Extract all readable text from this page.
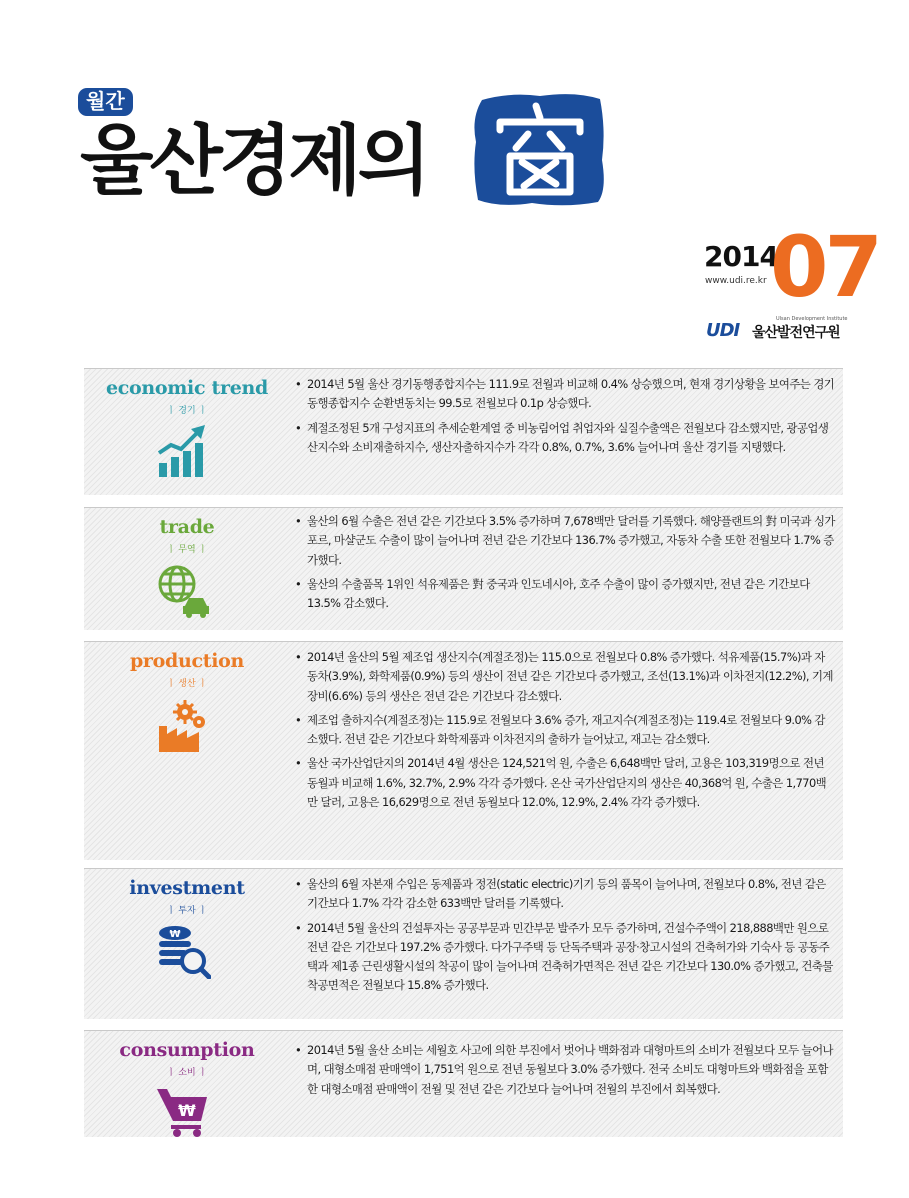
월간
울산경제의
2014
www.udi.re.kr 07
UDI
Ulsan Development Institute
울산발전연구원
economic trend
ㅣ 경기 ㅣ
• 2014년 5월 울산 경기동행종합지수는 111.9로 전월과 비교해 0.4% 상승했으며, 현재 경기상황을 보여주는 경기동행종합지수 순환변동치는 99.5로 전월보다 0.1p 상승했다.
• 계절조정된 5개 구성지표의 추세순환계열 중 비농림어업 취업자와 실질수출액은 전월보다 감소했지만, 광공업생산지수와 소비재출하지수, 생산자출하지수가 각각 0.8%, 0.7%, 3.6% 늘어나며 울산 경기를 지탱했다.
trade
ㅣ 무역 ㅣ
• 울산의 6월 수출은 전년 같은 기간보다 3.5% 증가하며 7,678백만 달러를 기록했다. 해양플랜트의 對 미국과 싱가포르, 마샬군도 수출이 많이 늘어나며 전년 같은 기간보다 136.7% 증가했고, 자동차 수출 또한 전월보다 1.7% 증가했다.
• 울산의 수출품목 1위인 석유제품은 對 중국과 인도네시아, 호주 수출이 많이 증가했지만, 전년 같은 기간보다 13.5% 감소했다.
production
ㅣ 생산 ㅣ
• 2014년 울산의 5월 제조업 생산지수(계절조정)는 115.0으로 전월보다 0.8% 증가했다. 석유제품(15.7%)과 자동차(3.9%), 화학제품(0.9%) 등의 생산이 전년 같은 기간보다 증가했고, 조선(13.1%)과 이차전지(12.2%), 기계장비(6.6%) 등의 생산은 전년 같은 기간보다 감소했다.
• 제조업 출하지수(계절조정)는 115.9로 전월보다 3.6% 증가, 재고지수(계절조정)는 119.4로 전월보다 9.0% 감소했다. 전년 같은 기간보다 화학제품과 이차전지의 출하가 늘어났고, 재고는 감소했다.
• 울산 국가산업단지의 2014년 4월 생산은 124,521억 원, 수출은 6,648백만 달러, 고용은 103,319명으로 전년 동월과 비교해 1.6%, 32.7%, 2.9% 각각 증가했다. 온산 국가산업단지의 생산은 40,368억 원, 수출은 1,770백만 달러, 고용은 16,629명으로 전년 동월보다 12.0%, 12.9%, 2.4% 각각 증가했다.
investment
ㅣ 투자 ㅣ
₩
• 울산의 6월 자본재 수입은 동제품과 정전(static electric)기기 등의 품목이 늘어나며, 전월보다 0.8%, 전년 같은 기간보다 1.7% 각각 감소한 633백만 달러를 기록했다.
• 2014년 5월 울산의 건설투자는 공공부문과 민간부문 발주가 모두 증가하며, 건설수주액이 218,888백만 원으로 전년 같은 기간보다 197.2% 증가했다. 다가구주택 등 단독주택과 공장·창고시설의 건축허가와 기숙사 등 공동주택과 제1종 근린생활시설의 착공이 많이 늘어나며 건축허가면적은 전년 같은 기간보다 130.0% 증가했고, 건축물 착공면적은 전월보다 15.8% 증가했다.
consumption
ㅣ 소비 ㅣ
₩
• 2014년 5월 울산 소비는 세월호 사고에 의한 부진에서 벗어나 백화점과 대형마트의 소비가 전월보다 모두 늘어나며, 대형소매점 판매액이 1,751억 원으로 전년 동월보다 3.0% 증가했다. 전국 소비도 대형마트와 백화점을 포함한 대형소매점 판매액이 전월 및 전년 같은 기간보다 늘어나며 전월의 부진에서 회복했다.
